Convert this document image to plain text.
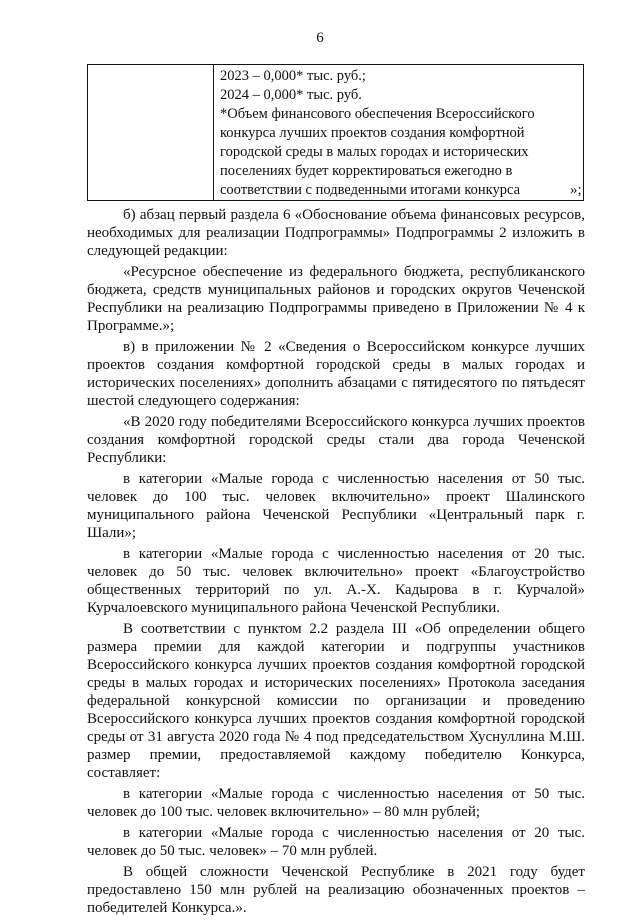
6

2023 – 0,000* тыс. руб.;
2024 – 0,000* тыс. руб.
*Объем финансового обеспечения Всероссийского
конкурса лучших проектов создания комфортной
городской среды в малых городах и исторических
поселениях будет корректироваться ежегодно в
соответствии с подведенными итогами конкурса	»;

б) абзац первый раздела 6 «Обоснование объема финансовых ресурсов, необходимых для реализации Подпрограммы» Подпрограммы 2 изложить в следующей редакции:

«Ресурсное обеспечение из федерального бюджета, республиканского бюджета, средств муниципальных районов и городских округов Чеченской Республики на реализацию Подпрограммы приведено в Приложении № 4 к Программе.»;

в) в приложении № 2 «Сведения о Всероссийском конкурсе лучших проектов создания комфортной городской среды в малых городах и исторических поселениях» дополнить абзацами с пятидесятого по пятьдесят шестой следующего содержания:

«В 2020 году победителями Всероссийского конкурса лучших проектов создания комфортной городской среды стали два города Чеченской Республики:

в категории «Малые города с численностью населения от 50 тыс. человек до 100 тыс. человек включительно» проект Шалинского муниципального района Чеченской Республики «Центральный парк г. Шали»;

в категории «Малые города с численностью населения от 20 тыс. человек до 50 тыс. человек включительно» проект «Благоустройство общественных территорий по ул. А.-Х. Кадырова в г. Курчалой» Курчалоевского муниципального района Чеченской Республики.

В соответствии с пунктом 2.2 раздела III «Об определении общего размера премии для каждой категории и подгруппы участников Всероссийского конкурса лучших проектов создания комфортной городской среды в малых городах и исторических поселениях» Протокола заседания федеральной конкурсной комиссии по организации и проведению Всероссийского конкурса лучших проектов создания комфортной городской среды от 31 августа 2020 года № 4 под председательством Хуснуллина М.Ш. размер премии, предоставляемой каждому победителю Конкурса, составляет:

в категории «Малые города с численностью населения от 50 тыс. человек до 100 тыс. человек включительно» – 80 млн рублей;

в категории «Малые города с численностью населения от 20 тыс. человек до 50 тыс. человек» – 70 млн рублей.

В общей сложности Чеченской Республике в 2021 году будет предоставлено 150 млн рублей на реализацию обозначенных проектов – победителей Конкурса.».
